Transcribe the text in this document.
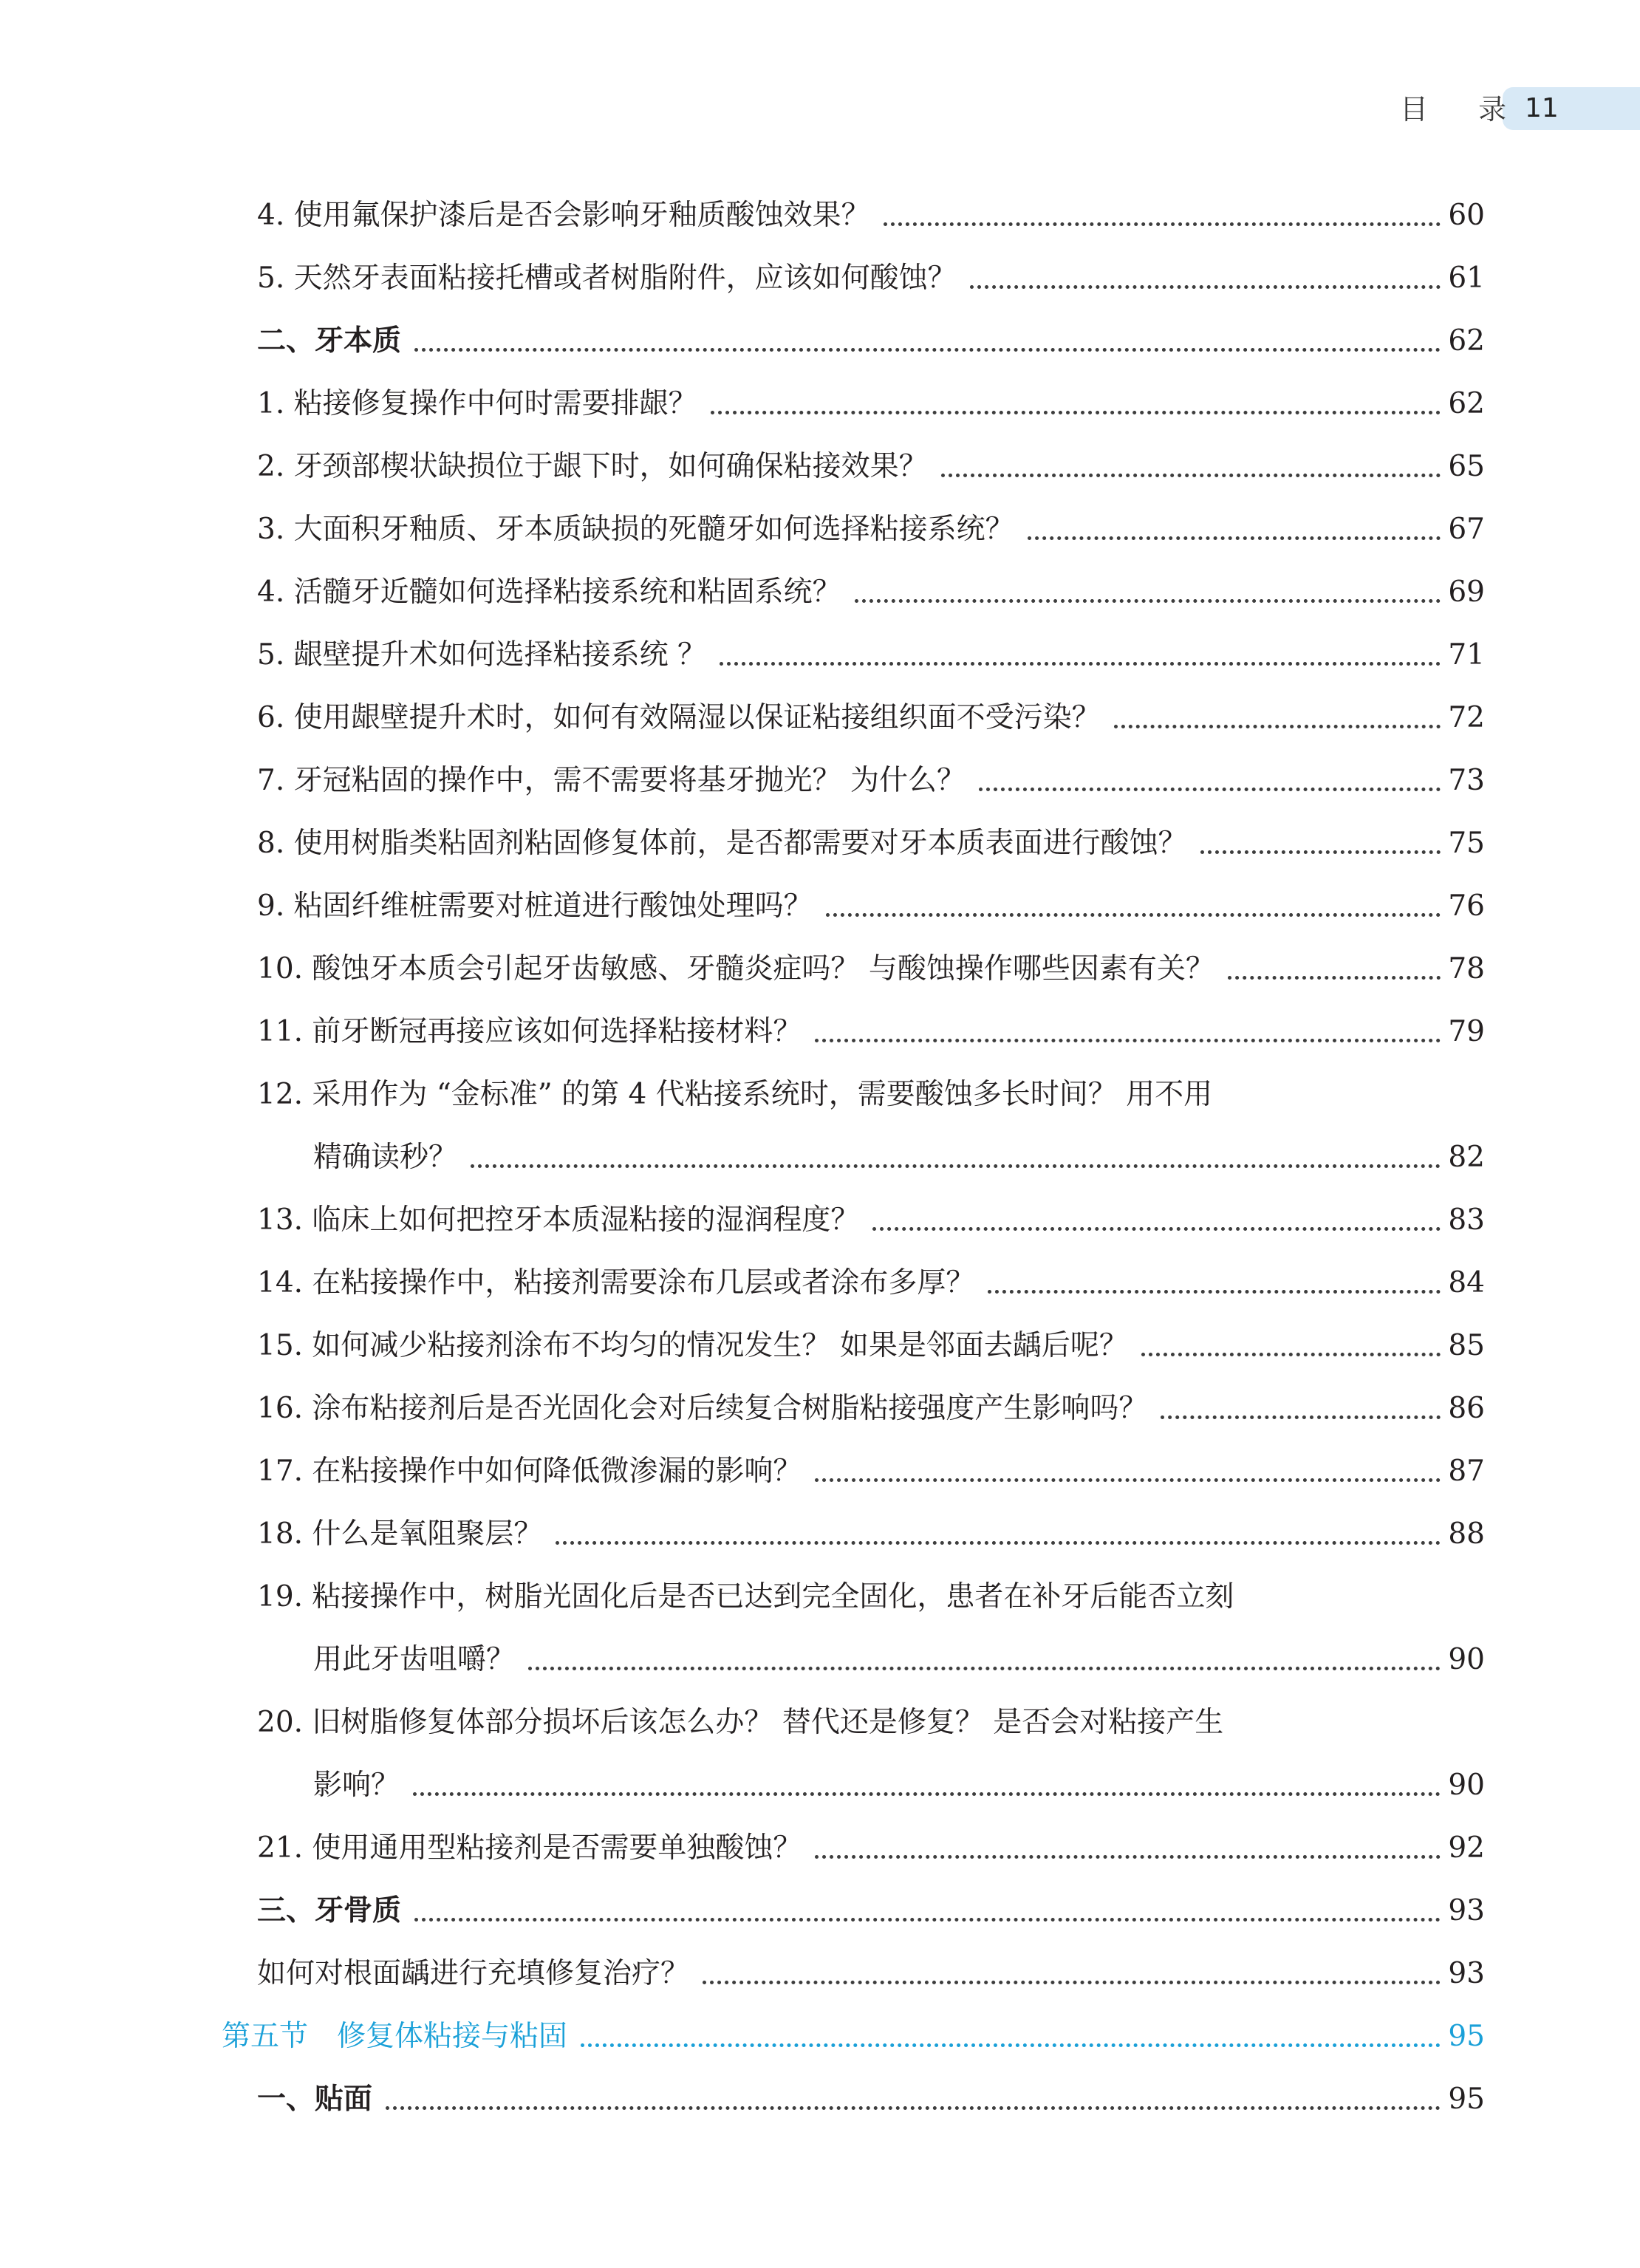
目 录
11
4. 使用氟保护漆后是否会影响牙釉质酸蚀效果？	60
5. 天然牙表面粘接托槽或者树脂附件，应该如何酸蚀？	61
二、牙本质	62
1. 粘接修复操作中何时需要排龈？	62
2. 牙颈部楔状缺损位于龈下时，如何确保粘接效果？	65
3. 大面积牙釉质、牙本质缺损的死髓牙如何选择粘接系统？	67
4. 活髓牙近髓如何选择粘接系统和粘固系统？	69
5. 龈壁提升术如何选择粘接系统 ？	71
6. 使用龈壁提升术时，如何有效隔湿以保证粘接组织面不受污染？	72
7. 牙冠粘固的操作中，需不需要将基牙抛光？ 为什么？	73
8. 使用树脂类粘固剂粘固修复体前，是否都需要对牙本质表面进行酸蚀？	75
9. 粘固纤维桩需要对桩道进行酸蚀处理吗？	76
10. 酸蚀牙本质会引起牙齿敏感、牙髓炎症吗？ 与酸蚀操作哪些因素有关？	78
11. 前牙断冠再接应该如何选择粘接材料？	79
12. 采用作为 “金标准” 的第 4 代粘接系统时，需要酸蚀多长时间？ 用不用
精确读秒？	82
13. 临床上如何把控牙本质湿粘接的湿润程度？	83
14. 在粘接操作中，粘接剂需要涂布几层或者涂布多厚？	84
15. 如何减少粘接剂涂布不均匀的情况发生？ 如果是邻面去龋后呢？	85
16. 涂布粘接剂后是否光固化会对后续复合树脂粘接强度产生影响吗？	86
17. 在粘接操作中如何降低微渗漏的影响？	87
18. 什么是氧阻聚层？	88
19. 粘接操作中，树脂光固化后是否已达到完全固化，患者在补牙后能否立刻
用此牙齿咀嚼？	90
20. 旧树脂修复体部分损坏后该怎么办？ 替代还是修复？ 是否会对粘接产生
影响？	90
21. 使用通用型粘接剂是否需要单独酸蚀？	92
三、牙骨质	93
如何对根面龋进行充填修复治疗？	93
第五节　修复体粘接与粘固	95
一、贴面	95
